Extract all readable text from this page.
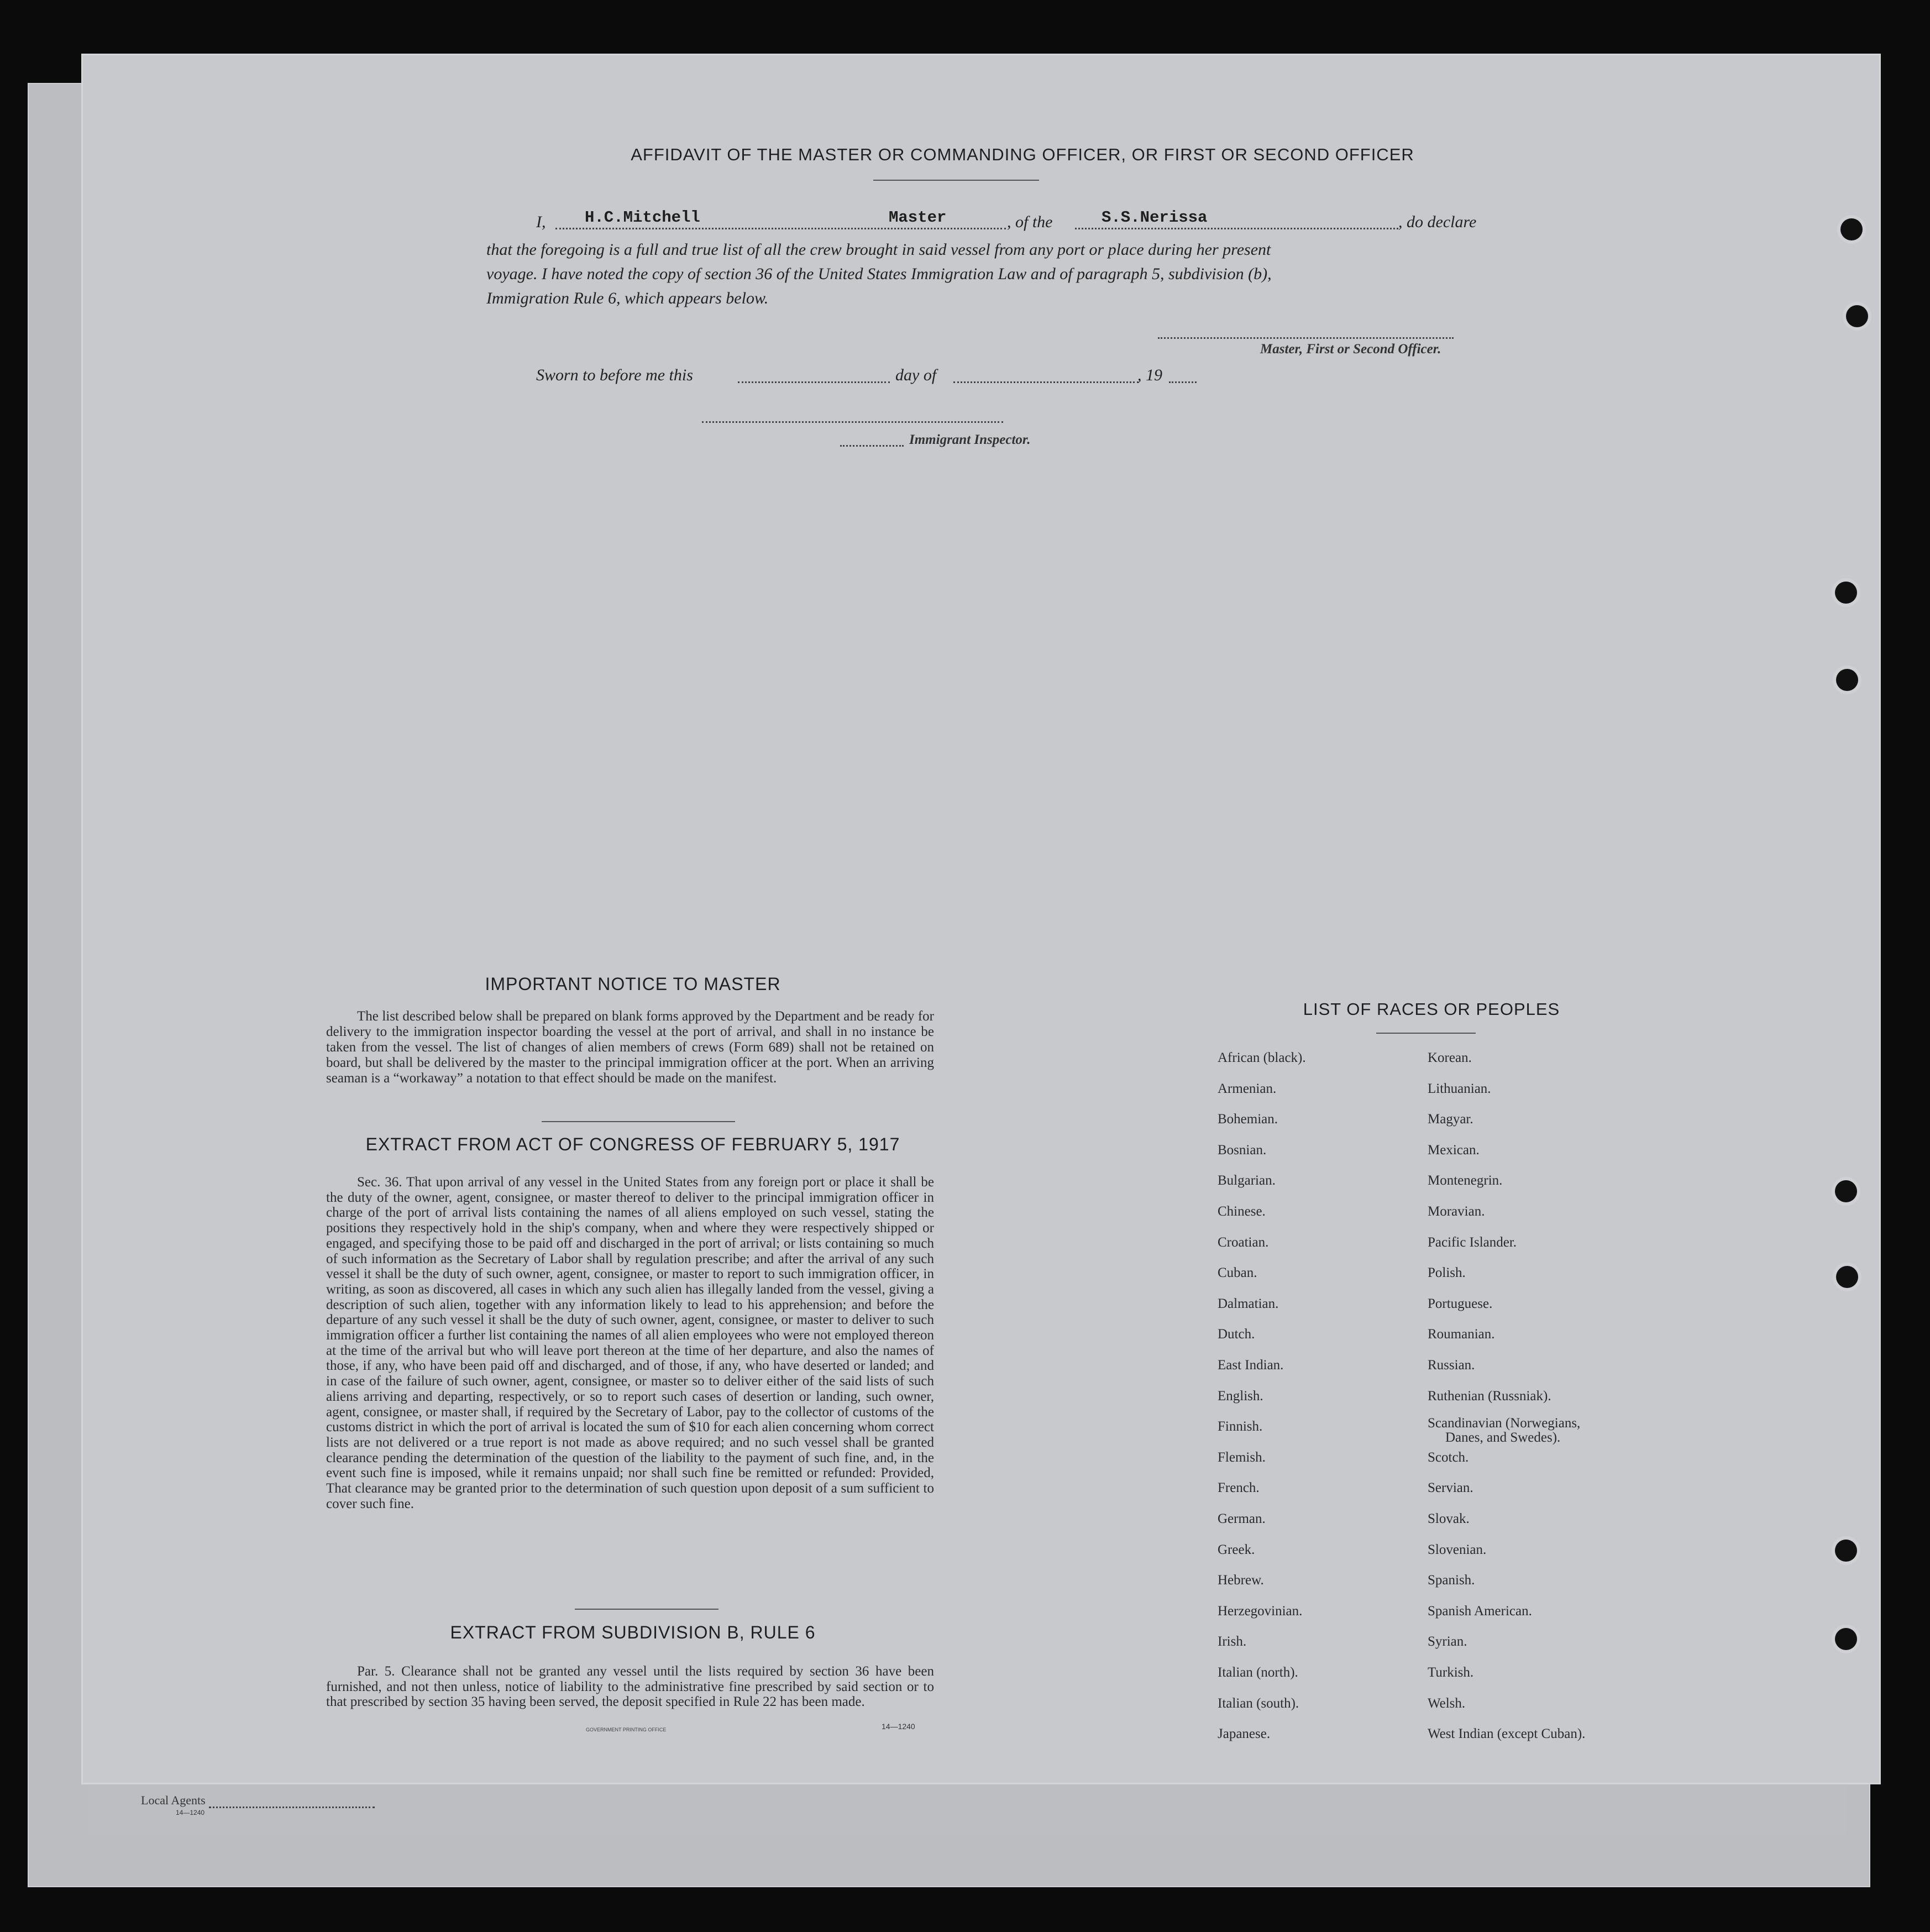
AFFIDAVIT OF THE MASTER OR COMMANDING OFFICER, OR FIRST OR SECOND OFFICER
I, H.C.Mitchell	Master	, of the	S.S.Nerissa	, do declare
that the foregoing is a full and true list of all the crew brought in said vessel from any port or place during her present
voyage. I have noted the copy of section 36 of the United States Immigration Law and of paragraph 5, subdivision (b),
Immigration Rule 6, which appears below.
Master, First or Second Officer.
Sworn to before me this	day of	, 19
Immigrant Inspector.
IMPORTANT NOTICE TO MASTER
The list described below shall be prepared on blank forms approved by the Department and be ready for delivery to the immigration inspector boarding the vessel at the port of arrival, and shall in no instance be taken from the vessel. The list of changes of alien members of crews (Form 689) shall not be retained on board, but shall be delivered by the master to the principal immigration officer at the port. When an arriving seaman is a “workaway” a notation to that effect should be made on the manifest.
EXTRACT FROM ACT OF CONGRESS OF FEBRUARY 5, 1917
Sec. 36. That upon arrival of any vessel in the United States from any foreign port or place it shall be the duty of the owner, agent, consignee, or master thereof to deliver to the principal immigration officer in charge of the port of arrival lists containing the names of all aliens employed on such vessel, stating the positions they respectively hold in the ship's company, when and where they were respectively shipped or engaged, and specifying those to be paid off and discharged in the port of arrival; or lists containing so much of such information as the Secretary of Labor shall by regulation prescribe; and after the arrival of any such vessel it shall be the duty of such owner, agent, consignee, or master to report to such immigration officer, in writing, as soon as discovered, all cases in which any such alien has illegally landed from the vessel, giving a description of such alien, together with any information likely to lead to his apprehension; and before the departure of any such vessel it shall be the duty of such owner, agent, consignee, or master to deliver to such immigration officer a further list containing the names of all alien employees who were not employed thereon at the time of the arrival but who will leave port thereon at the time of her departure, and also the names of those, if any, who have been paid off and discharged, and of those, if any, who have deserted or landed; and in case of the failure of such owner, agent, consignee, or master so to deliver either of the said lists of such aliens arriving and departing, respectively, or so to report such cases of desertion or landing, such owner, agent, consignee, or master shall, if required by the Secretary of Labor, pay to the collector of customs of the customs district in which the port of arrival is located the sum of $10 for each alien concerning whom correct lists are not delivered or a true report is not made as above required; and no such vessel shall be granted clearance pending the determination of the question of the liability to the payment of such fine, and, in the event such fine is imposed, while it remains unpaid; nor shall such fine be remitted or refunded: Provided, That clearance may be granted prior to the determination of such question upon deposit of a sum sufficient to cover such fine.
EXTRACT FROM SUBDIVISION B, RULE 6
Par. 5. Clearance shall not be granted any vessel until the lists required by section 36 have been furnished, and not then unless, notice of liability to the administrative fine prescribed by said section or to that prescribed by section 35 having been served, the deposit specified in Rule 22 has been made.
GOVERNMENT PRINTING OFFICE	14—1240
LIST OF RACES OR PEOPLES
African (black).
Armenian.
Bohemian.
Bosnian.
Bulgarian.
Chinese.
Croatian.
Cuban.
Dalmatian.
Dutch.
East Indian.
English.
Finnish.
Flemish.
French.
German.
Greek.
Hebrew.
Herzegovinian.
Irish.
Italian (north).
Italian (south).
Japanese.
Korean.
Lithuanian.
Magyar.
Mexican.
Montenegrin.
Moravian.
Pacific Islander.
Polish.
Portuguese.
Roumanian.
Russian.
Ruthenian (Russniak).
Scandinavian (Norwegians,
Danes, and Swedes).
Scotch.
Servian.
Slovak.
Slovenian.
Spanish.
Spanish American.
Syrian.
Turkish.
Welsh.
West Indian (except Cuban).
Local Agents
14—1240
